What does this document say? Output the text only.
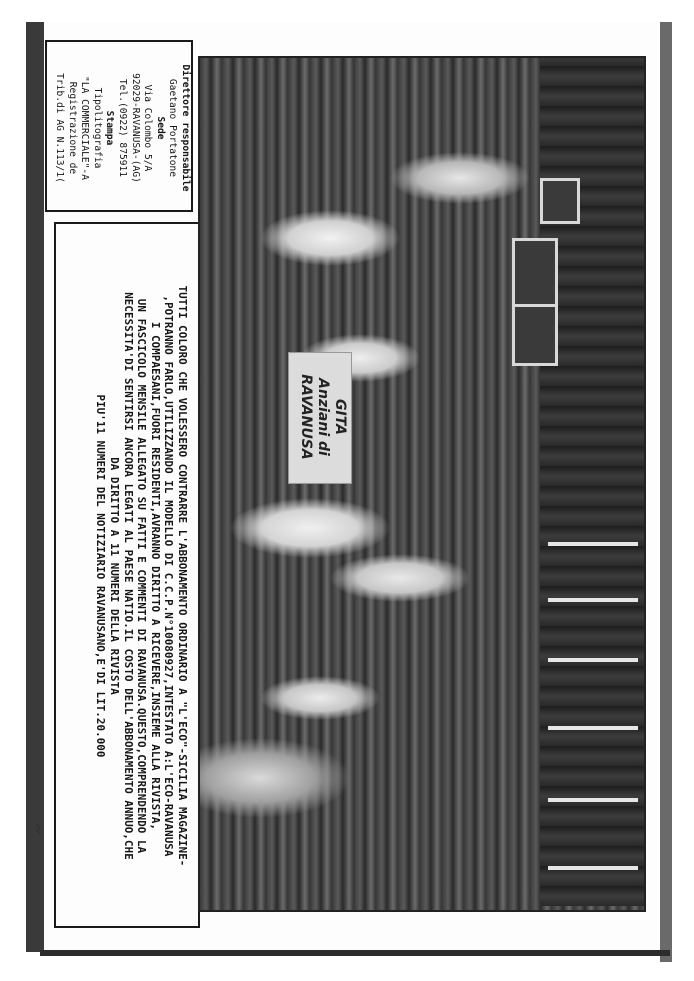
Direttore responsabile
Gaetano Portatone
Sede
Via Colombo 5/A
92029-RAVANUSA-(AG)
Tel.(0922) 875911
Stampa
Tipolitografia
"LA COMMERCIALE"-A
Registrazione de
Trib.di AG N.113/1(
TUTTI COLORO CHE VOLESSERO CONTRARRE L'ABBONAMENTO ORDINARIO A "L'ECO"-SICILIA MAGAZINE-
,POTRANNO FARLO,UTILIZZANDO IL MODELLO DI C.C.P.N°10080927,INTESTATO A:L'ECO-RAVANUSA
I COMPAESANI,FUORI RESIDENTI,AVRANNO DIRITTO A RICEVERE,INSIEME ALLA RIVISTA,
UN FASCICOLO MENSILE ALLEGATO SU FATTI E COMMENTI DI RAVANUSA.QUESTO,COMPRENDENDO LA
NECESSITA'DI SENTIRSI ANCORA LEGATI AL PAESE NATIO.IL COSTO DELL'ABBONAMENTO ANNUO,CHE
DA DIRITTO A 11 NUMERI DELLA RIVISTA
PIU'11 NUMERI DEL NOTIZIARIO RAVANUSANO,E'DI LIT.20.000	GITA
Anziani di
RAVANUSA
